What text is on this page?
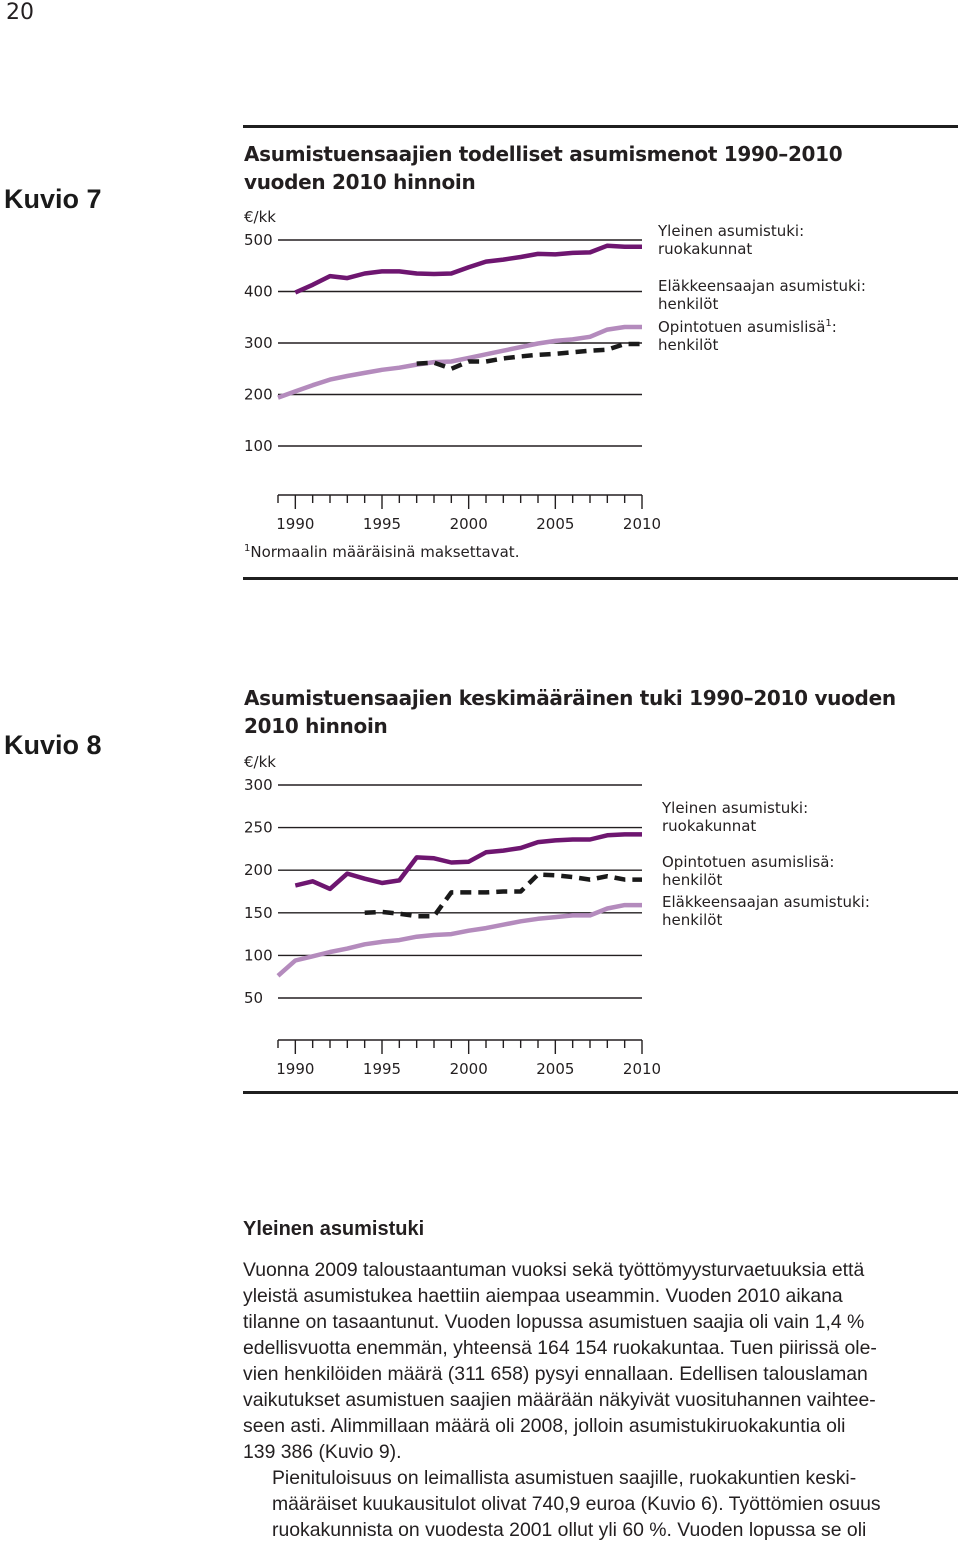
20
Kuvio 7
Asumistuensaajien todelliset asumismenot 1990–2010
vuoden 2010 hinnoin
€/kk
500
400
300
200
100
1990	1995	2000	2005	2010
Yleinen asumistuki:
ruokakunnat
Eläkkeensaajan asumistuki:
henkilöt
Opintotuen asumislisä$^1$:
henkilöt
$^1$Normaalin määräisinä maksettavat.
Kuvio 8
Asumistuensaajien keskimääräinen tuki 1990–2010 vuoden
2010 hinnoin
€/kk
300
250
200
150
100
50
1990	1995	2000	2005	2010
Yleinen asumistuki:
ruokakunnat
Opintotuen asumislisä:
henkilöt
Eläkkeensaajan asumistuki:
henkilöt
Yleinen asumistuki

Vuonna 2009 taloustaantuman vuoksi sekä työttömyysturvaetuuksia että
yleistä asumistukea haettiin aiempaa useammin. Vuoden 2010 aikana
tilanne on tasaantunut. Vuoden lopussa asumistuen saajia oli vain 1,4 %
edellisvuotta enemmän, yhteensä 164 154 ruokakuntaa. Tuen piirissä ole-
vien henkilöiden määrä (311 658) pysyi ennallaan. Edellisen talouslaman
vaikutukset asumistuen saajien määrään näkyivät vuosituhannen vaihtee-
seen asti. Alimmillaan määrä oli 2008, jolloin asumistukiruokakuntia oli
139 386 (Kuvio 9).

Pienituloisuus on leimallista asumistuen saajille, ruokakuntien keski-
määräiset kuukausitulot olivat 740,9 euroa (Kuvio 6). Työttömien osuus
ruokakunnista on vuodesta 2001 ollut yli 60 %. Vuoden lopussa se oli
